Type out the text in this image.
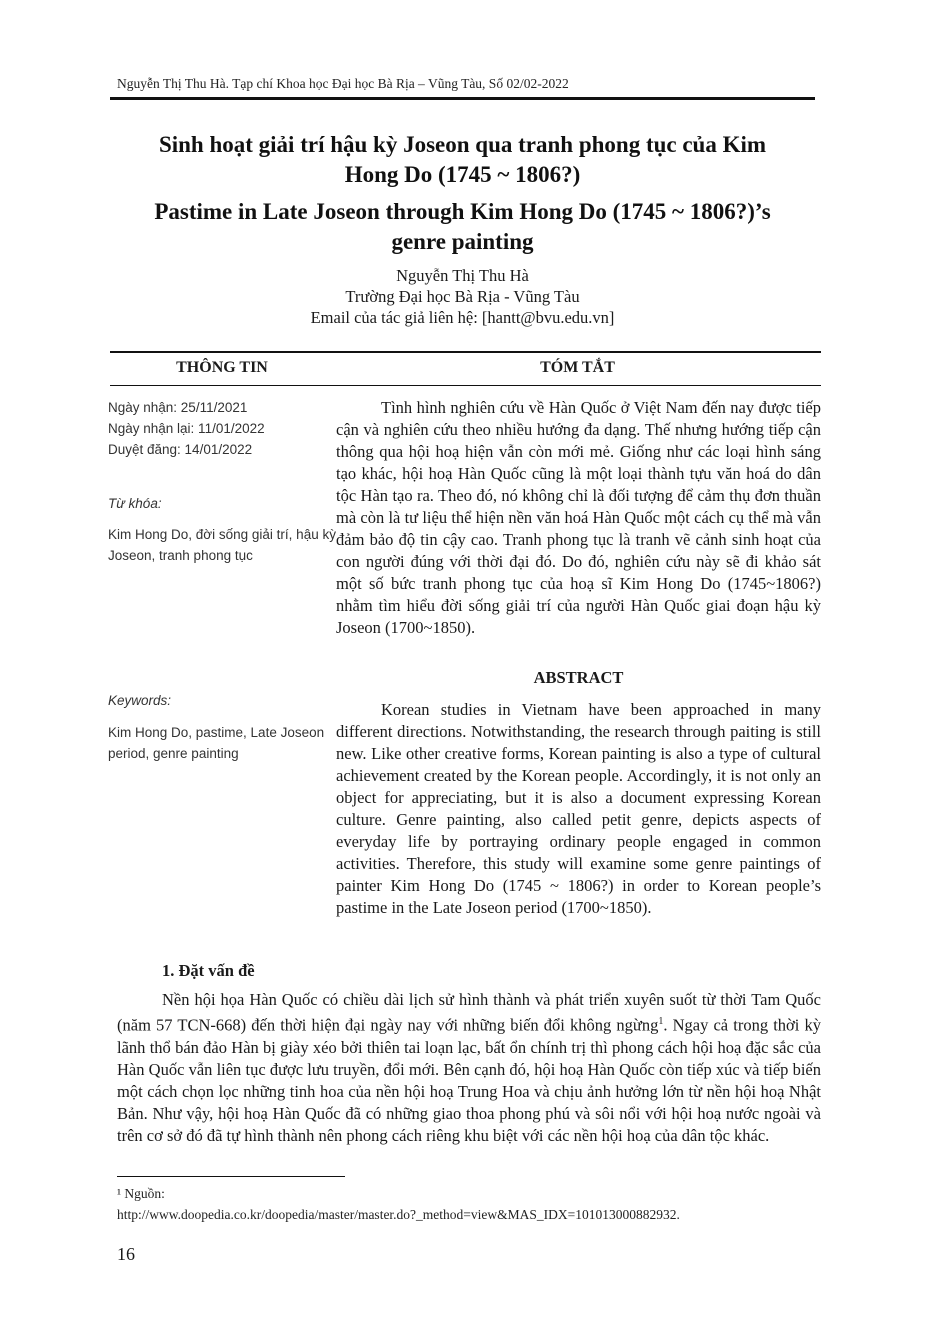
Nguyễn Thị Thu Hà. Tạp chí Khoa học Đại học Bà Rịa – Vũng Tàu, Số 02/02-2022
Sinh hoạt giải trí hậu kỳ Joseon qua tranh phong tục của Kim
Hong Do (1745 ~ 1806?)
Pastime in Late Joseon through Kim Hong Do (1745 ~ 1806?)’s
genre painting
Nguyễn Thị Thu Hà
Trường Đại học Bà Rịa - Vũng Tàu
Email của tác giả liên hệ: [hantt@bvu.edu.vn]
THÔNG TIN	TÓM TẮT
Ngày nhận: 25/11/2021
Ngày nhận lại: 11/01/2022
Duyệt đăng: 14/01/2022
Từ khóa:
Kim Hong Do, đời sống giải trí, hậu kỳ Joseon, tranh phong tục
Keywords:
Kim Hong Do, pastime, Late Joseon period, genre painting

Tình hình nghiên cứu về Hàn Quốc ở Việt Nam đến nay được tiếp cận và nghiên cứu theo nhiều hướng đa dạng. Thế nhưng hướng tiếp cận thông qua hội hoạ hiện vẫn còn mới mẻ. Giống như các loại hình sáng tạo khác, hội hoạ Hàn Quốc cũng là một loại thành tựu văn hoá do dân tộc Hàn tạo ra. Theo đó, nó không chỉ là đối tượng để cảm thụ đơn thuần mà còn là tư liệu thể hiện nền văn hoá Hàn Quốc một cách cụ thể mà vẫn đảm bảo độ tin cậy cao. Tranh phong tục là tranh vẽ cảnh sinh hoạt của con người đúng với thời đại đó. Do đó, nghiên cứu này sẽ đi khảo sát một số bức tranh phong tục của hoạ sĩ Kim Hong Do (1745~1806?) nhằm tìm hiểu đời sống giải trí của người Hàn Quốc giai đoạn hậu kỳ Joseon (1700~1850).

ABSTRACT

Korean studies in Vietnam have been approached in many different directions. Notwithstanding, the research through paiting is still new. Like other creative forms, Korean painting is also a type of cultural achievement created by the Korean people. Accordingly, it is not only an object for appreciating, but it is also a document expressing Korean culture. Genre painting, also called petit genre, depicts aspects of everyday life by portraying ordinary people engaged in common activities. Therefore, this study will examine some genre paintings of painter Kim Hong Do (1745 ~ 1806?) in order to Korean people’s pastime in the Late Joseon period (1700~1850).

1. Đặt vấn đề
Nền hội họa Hàn Quốc có chiều dài lịch sử hình thành và phát triển xuyên suốt từ thời Tam Quốc (năm 57 TCN-668) đến thời hiện đại ngày nay với những biến đổi không ngừng$^1$. Ngay cả trong thời kỳ lãnh thổ bán đảo Hàn bị giày xéo bởi thiên tai loạn lạc, bất ổn chính trị thì phong cách hội hoạ đặc sắc của Hàn Quốc vẫn liên tục được lưu truyền, đổi mới. Bên cạnh đó, hội hoạ Hàn Quốc còn tiếp xúc và tiếp biến một cách chọn lọc những tinh hoa của nền hội hoạ Trung Hoa và chịu ảnh hưởng lớn từ nền hội hoạ Nhật Bản. Như vậy, hội hoạ Hàn Quốc đã có những giao thoa phong phú và sôi nổi với hội hoạ nước ngoài và trên cơ sở đó đã tự hình thành nên phong cách riêng khu biệt với các nền hội hoạ của dân tộc khác.
¹ Nguồn:
http://www.doopedia.co.kr/doopedia/master/master.do?_method=view&MAS_IDX=101013000882932.
16
